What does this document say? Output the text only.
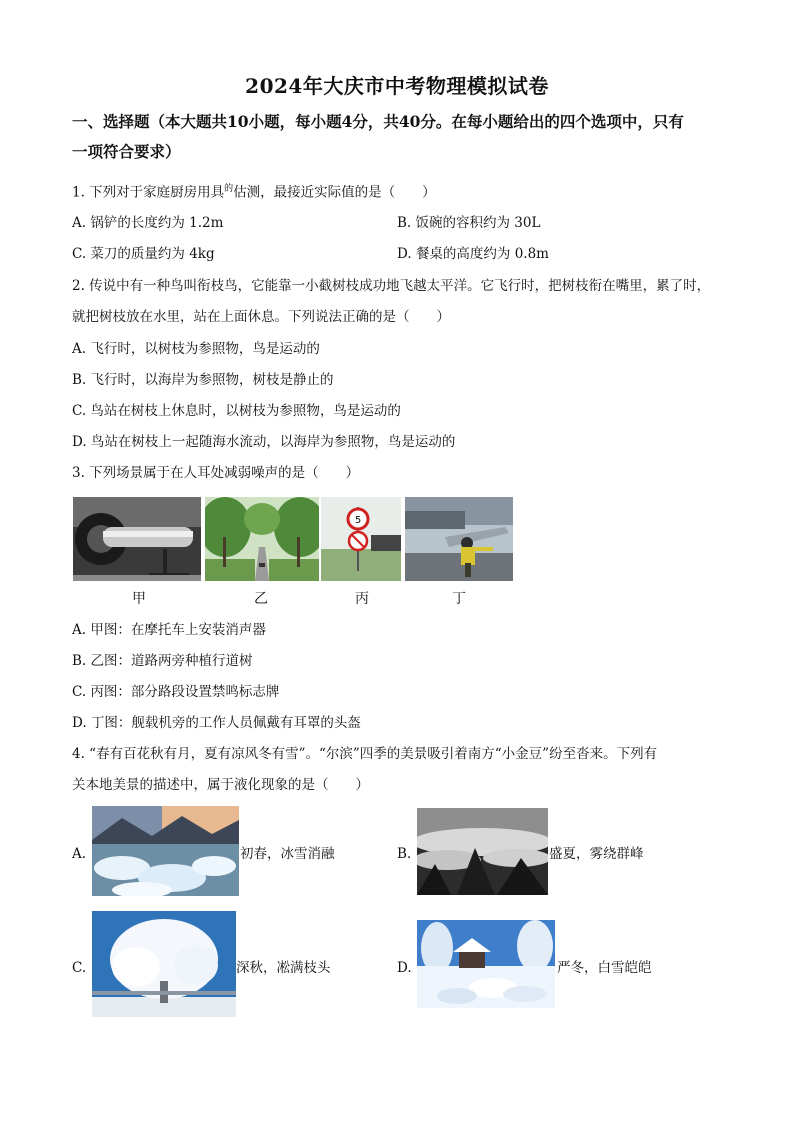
2024年大庆市中考物理模拟试卷
一、选择题（本大题共10小题，每小题4分，共40分。在每小题给出的四个选项中，只有
一项符合要求）
1. 下列对于家庭厨房用具$^的$估测，最接近实际值的是（　　）
A. 锅铲的长度约为 1.2m	B. 饭碗的容积约为 30L
C. 菜刀的质量约为 4kg	D. 餐桌的高度约为 0.8m
2. 传说中有一种鸟叫衔枝鸟，它能靠一小截树枝成功地飞越太平洋。它飞行时，把树枝衔在嘴里，累了时，
就把树枝放在水里，站在上面休息。下列说法正确的是（　　）
A. 飞行时，以树枝为参照物，鸟是运动的
B. 飞行时，以海岸为参照物，树枝是静止的
C. 鸟站在树枝上休息时，以树枝为参照物，鸟是运动的
D. 鸟站在树枝上一起随海水流动，以海岸为参照物，鸟是运动的
3. 下列场景属于在人耳处减弱噪声的是（　　）
5
甲	乙	丙	丁
A. 甲图：在摩托车上安装消声器
B. 乙图：道路两旁种植行道树
C. 丙图：部分路段设置禁鸣标志牌
D. 丁图：舰载机旁的工作人员佩戴有耳罩的头盔
4. “春有百花秋有月，夏有凉风冬有雪”。“尔滨”四季的美景吸引着南方“小金豆”纷至沓来。下列有
关本地美景的描述中，属于液化现象的是（　　）
A.	初春，冰雪消融	B.	盛夏，雾绕群峰
C.	深秋，凇满枝头	D.	严冬，白雪皑皑
